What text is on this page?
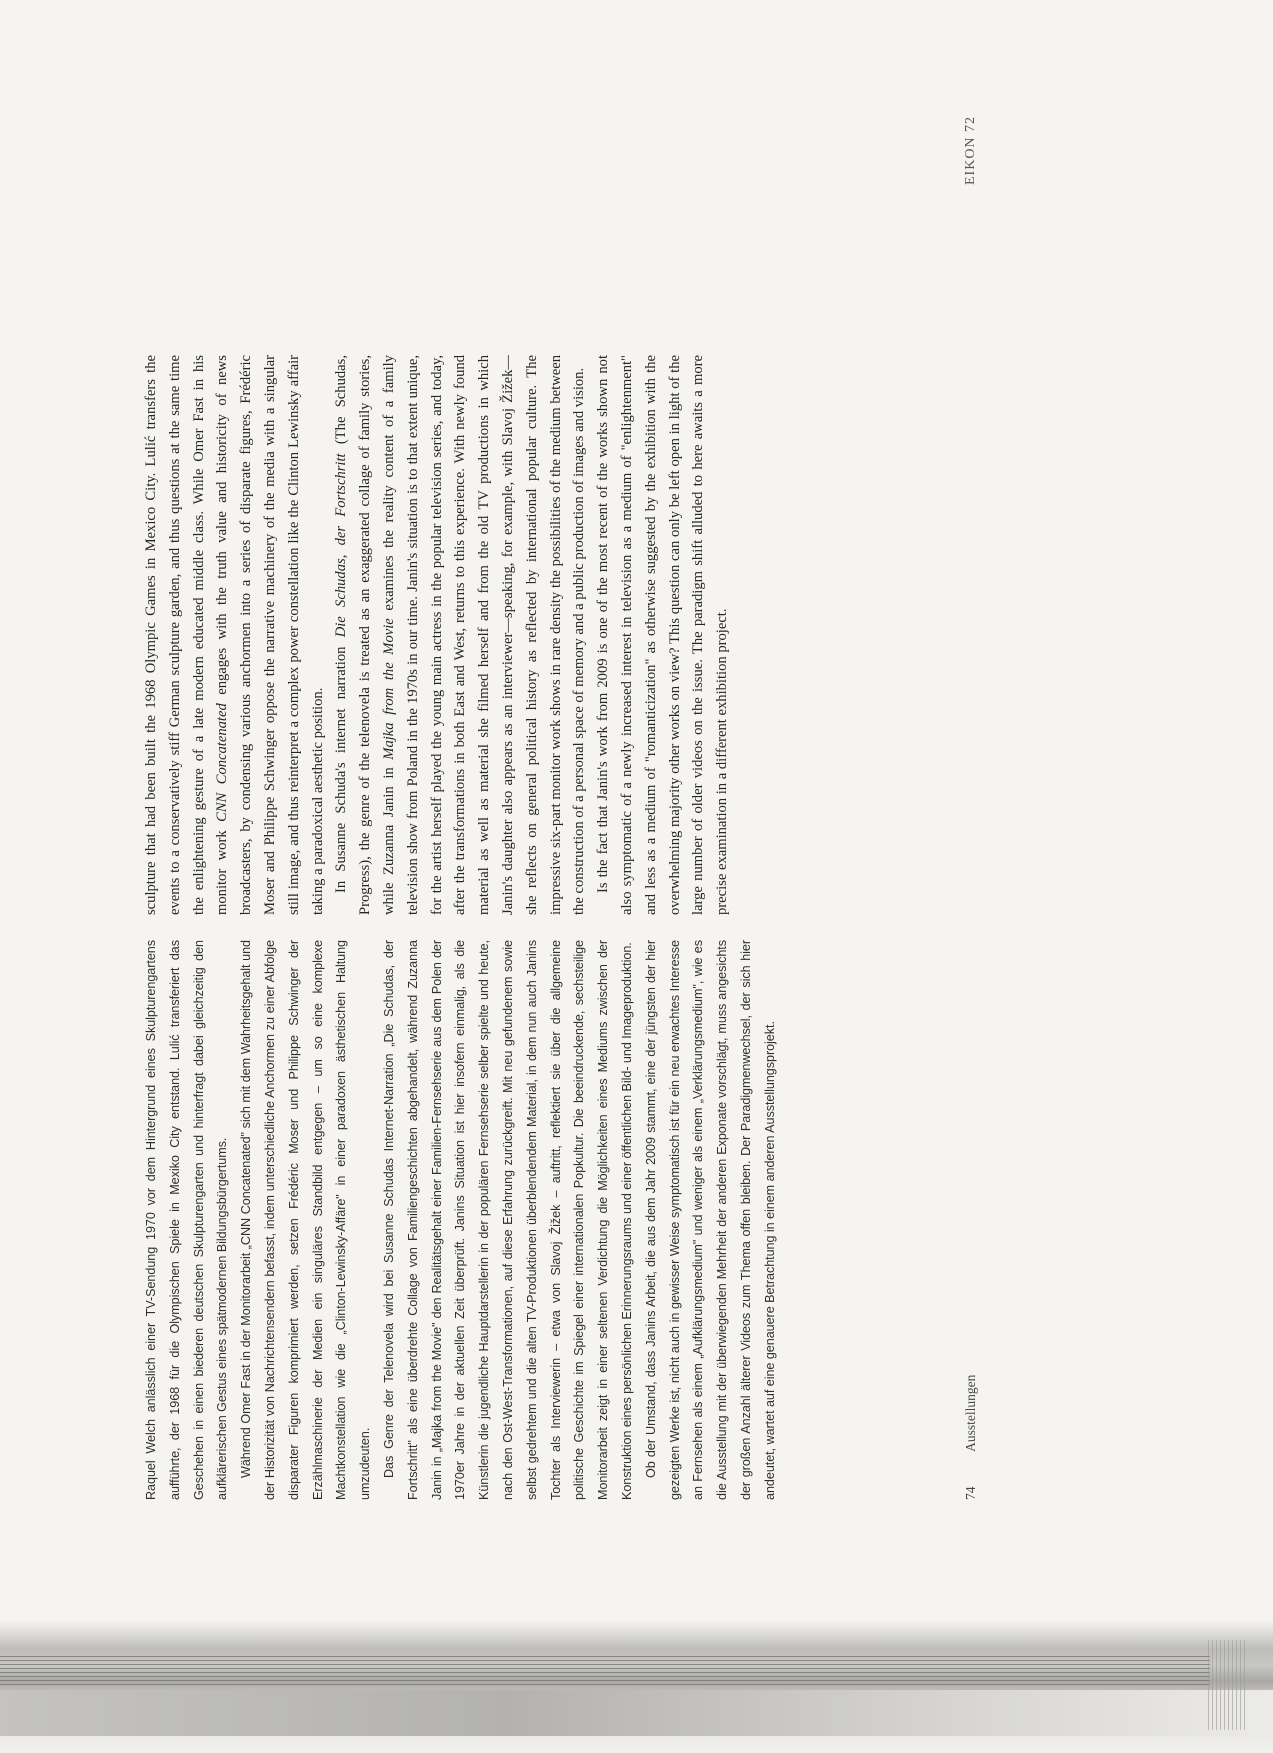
Raquel Welch anlässlich einer TV-Sendung 1970 vor dem Hintergrund eines Skulpturengartens aufführte, der 1968 für die Olympischen Spiele in Mexiko City entstand. Lulić transferiert das Geschehen in einen biederen deutschen Skulpturengarten und hinterfragt dabei gleichzeitig den aufklärerischen Gestus eines spätmodernen Bildungsbürgertums. Während Omer Fast in der Monitorarbeit „CNN Concatenated" sich mit dem Wahrheitsgehalt und der Historizität von Nachrichtensendern befasst, indem unterschiedliche Anchormen zu einer Abfolge disparater Figuren komprimiert werden, setzen Frédéric Moser und Philippe Schwinger der Erzählmaschinerie der Medien ein singuläres Standbild entgegen – um so eine komplexe Machtkonstellation wie die „Clinton-Lewinsky-Affäre" in einer paradoxen ästhetischen Haltung umzudeuten. Das Genre der Telenovela wird bei Susanne Schudas Internet-Narration „Die Schudas, der Fortschritt" als eine überdrehte Collage von Familiengeschichten abgehandelt, während Zuzanna Janin in „Majka from the Movie" den Realitätsgehalt einer Familien-Fernsehserie aus dem Polen der 1970er Jahre in der aktuellen Zeit überprüft. Janins Situation ist hier insofern einmalig, als die Künstlerin die jugendliche Hauptdarstellerin in der populären Fernsehserie selber spielte und heute, nach den Ost-West-Transformationen, auf diese Erfahrung zurückgreift. Mit neu gefundenem sowie selbst gedrehtem und die alten TV-Produktionen überblendendem Material, in dem nun auch Janins Tochter als Interviewerin – etwa von Slavoj Žižek – auftritt, reflektiert sie über die allgemeine politische Geschichte im Spiegel einer internationalen Popkultur. Die beeindruckende, sechsteilige Monitorarbeit zeigt in einer seltenen Verdichtung die Möglichkeiten eines Mediums zwischen der Konstruktion eines persönlichen Erinnerungsraums und einer öffentlichen Bild- und Imageproduktion. Ob der Umstand, dass Janins Arbeit, die aus dem Jahr 2009 stammt, eine der jüngsten der hier gezeigten Werke ist, nicht auch in gewisser Weise symptomatisch ist für ein neu erwachtes Interesse an Fernsehen als einem „Aufklärungsmedium" und weniger als einem „Verklärungsmedium", wie es die Ausstellung mit der überwiegenden Mehrheit der anderen Exponate vorschlägt, muss angesichts der großen Anzahl älterer Videos zum Thema offen bleiben. Der Paradigmenwechsel, der sich hier andeutet, wartet auf eine genauere Betrachtung in einem anderen Ausstellungsprojekt.

sculpture that had been built the 1968 Olympic Games in Mexico City. Lulić transfers the events to a conservatively stiff German sculpture garden, and thus questions at the same time the enlightening gesture of a late modern educated middle class. While Omer Fast in his monitor work CNN Concatenated engages with the truth value and historicity of news broadcasters, by condensing various anchormen into a series of disparate figures, Frédéric Moser and Philippe Schwinger oppose the narrative machinery of the media with a singular still image, and thus reinterpret a complex power constellation like the Clinton Lewinsky affair taking a paradoxical aesthetic position. In Susanne Schuda's internet narration Die Schudas, der Fortschritt (The Schudas, Progress), the genre of the telenovela is treated as an exaggerated collage of family stories, while Zuzanna Janin in Majka from the Movie examines the reality content of a family television show from Poland in the 1970s in our time. Janin's situation is to that extent unique, for the artist herself played the young main actress in the popular television series, and today, after the transformations in both East and West, returns to this experience. With newly found material as well as material she filmed herself and from the old TV productions in which Janin's daughter also appears as an interviewer—speaking, for example, with Slavoj Žižek—she reflects on general political history as reflected by international popular culture. The impressive six-part monitor work shows in rare density the possibilities of the medium between the construction of a personal space of memory and a public production of images and vision. Is the fact that Janin's work from 2009 is one of the most recent of the works shown not also symptomatic of a newly increased interest in television as a medium of "enlightenment" and less as a medium of "romanticization" as otherwise suggested by the exhibition with the overwhelming majority other works on view? This question can only be left open in light of the large number of older videos on the issue. The paradigm shift alluded to here awaits a more precise examination in a different exhibition project.

74 Ausstellungen
EIKON 72
